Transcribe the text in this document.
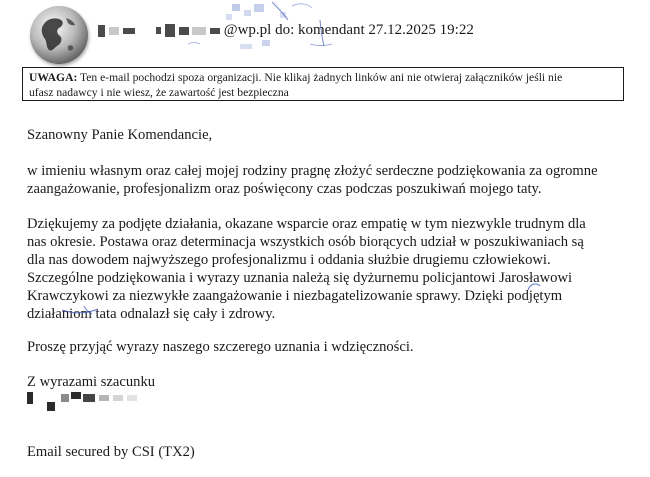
@wp.pl do: komendant 27.12.2025 19:22
UWAGA: Ten e-mail pochodzi spoza organizacji. Nie klikaj żadnych linków ani nie otwieraj załączników jeśli nie
ufasz nadawcy i nie wiesz, że zawartość jest bezpieczna
Szanowny Panie Komendancie,
w imieniu własnym oraz całej mojej rodziny pragnę złożyć serdeczne podziękowania za ogromne
zaangażowanie, profesjonalizm oraz poświęcony czas podczas poszukiwań mojego taty.
Dziękujemy za podjęte działania, okazane wsparcie oraz empatię w tym niezwykle trudnym dla
nas okresie. Postawa oraz determinacja wszystkich osób biorących udział w poszukiwaniach są
dla nas dowodem najwyższego profesjonalizmu i oddania służbie drugiemu człowiekowi.
Szczególne podziękowania i wyrazy uznania należą się dyżurnemu policjantowi Jarosławowi
Krawczykowi za niezwykłe zaangażowanie i niezbagatelizowanie sprawy. Dzięki podjętym
działaniom tata odnalazł się cały i zdrowy.
Proszę przyjąć wyrazy naszego szczerego uznania i wdzięczności.
Z wyrazami szacunku
Email secured by CSI (TX2)
